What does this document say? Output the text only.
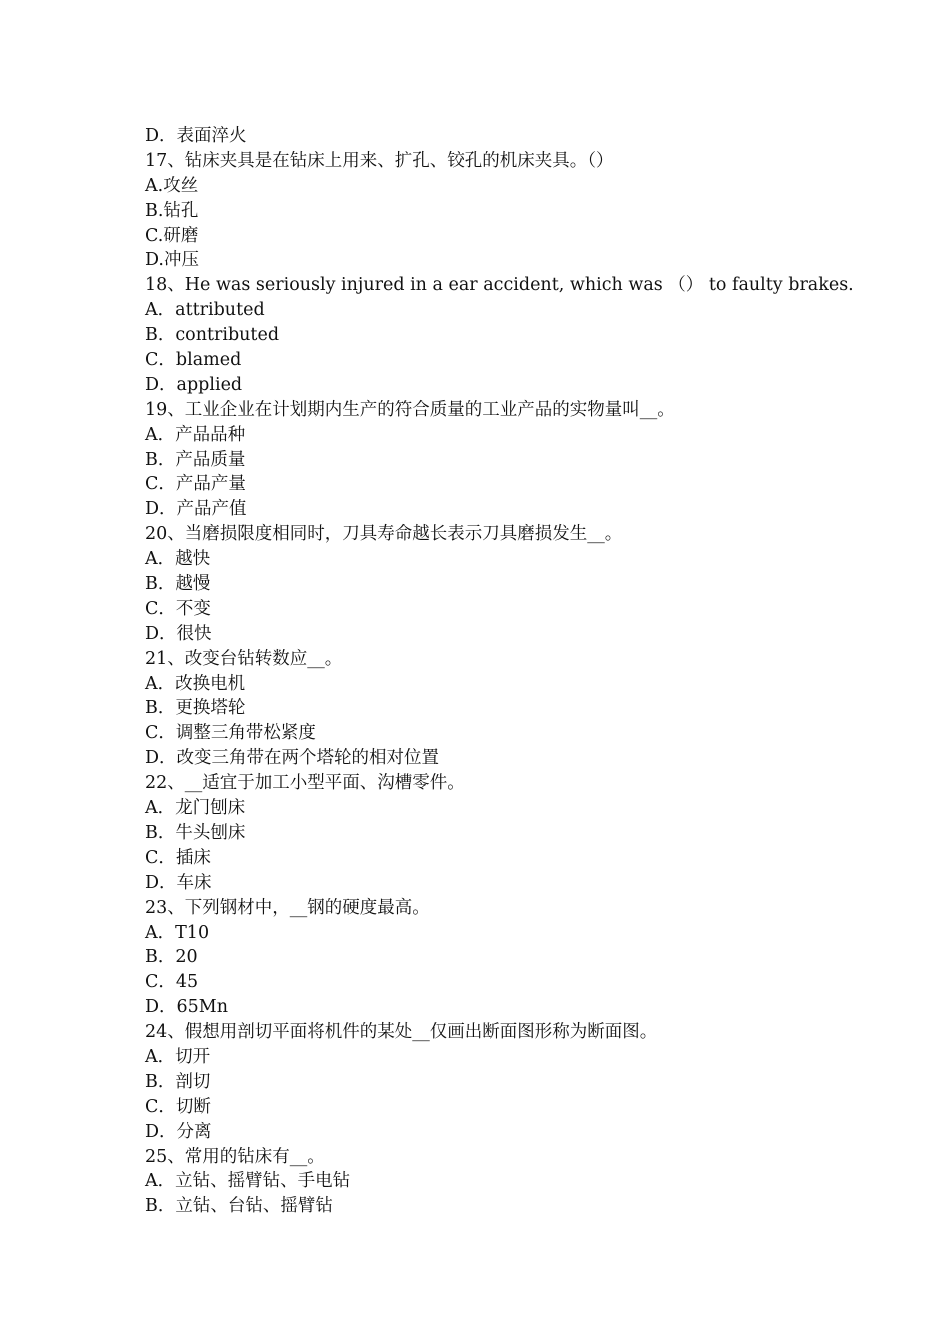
D．表面淬火
17、钻床夹具是在钻床上用来、扩孔、铰孔的机床夹具。（）
A.攻丝
B.钻孔
C.研磨
D.冲压
18、He was seriously injured in a ear accident, which was （） to faulty brakes.
A．attributed
B．contributed
C．blamed
D．applied
19、工业企业在计划期内生产的符合质量的工业产品的实物量叫__。
A．产品品种
B．产品质量
C．产品产量
D．产品产值
20、当磨损限度相同时，刀具寿命越长表示刀具磨损发生__。
A．越快
B．越慢
C．不变
D．很快
21、改变台钻转数应__。
A．改换电机
B．更换塔轮
C．调整三角带松紧度
D．改变三角带在两个塔轮的相对位置
22、__适宜于加工小型平面、沟槽零件。
A．龙门刨床
B．牛头刨床
C．插床
D．车床
23、下列钢材中，__钢的硬度最高。
A．T10
B．20
C．45
D．65Mn
24、假想用剖切平面将机件的某处__仅画出断面图形称为断面图。
A．切开
B．剖切
C．切断
D．分离
25、常用的钻床有__。
A．立钻、摇臂钻、手电钻
B．立钻、台钻、摇臂钻
